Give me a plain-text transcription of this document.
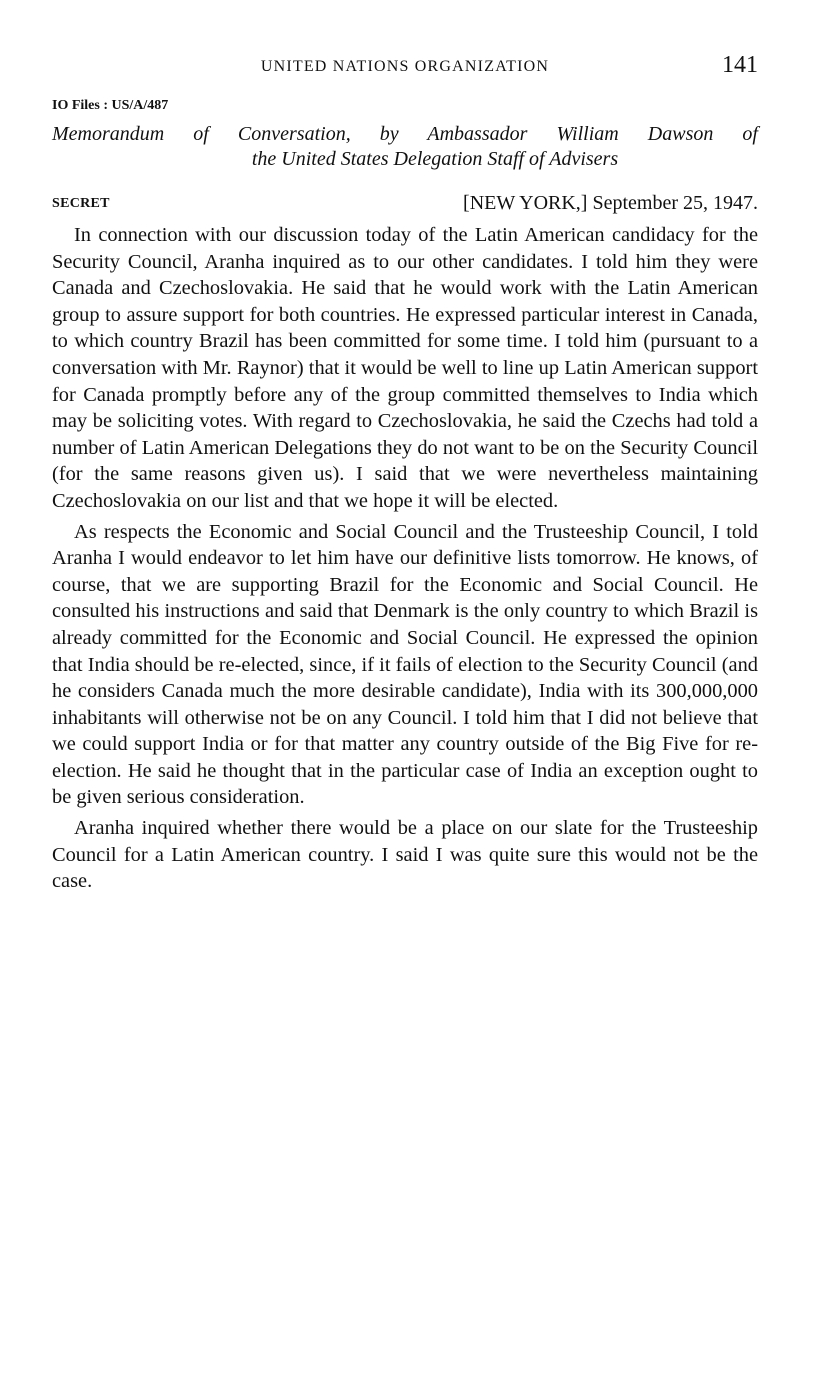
UNITED NATIONS ORGANIZATION	141
IO Files : US/A/487
Memorandum of Conversation, by Ambassador William Dawson of
the United States Delegation Staff of Advisers
SECRET	[NEW YORK,] September 25, 1947.

In connection with our discussion today of the Latin American candidacy for the Security Council, Aranha inquired as to our other candidates. I told him they were Canada and Czechoslovakia. He said that he would work with the Latin American group to assure support for both countries. He expressed particular interest in Canada, to which country Brazil has been committed for some time. I told him (pursuant to a conversation with Mr. Raynor) that it would be well to line up Latin American support for Canada promptly before any of the group committed themselves to India which may be soliciting votes. With regard to Czechoslovakia, he said the Czechs had told a number of Latin American Delegations they do not want to be on the Security Council (for the same reasons given us). I said that we were nevertheless maintaining Czechoslovakia on our list and that we hope it will be elected.

As respects the Economic and Social Council and the Trusteeship Council, I told Aranha I would endeavor to let him have our definitive lists tomorrow. He knows, of course, that we are supporting Brazil for the Economic and Social Council. He consulted his instructions and said that Denmark is the only country to which Brazil is already committed for the Economic and Social Council. He expressed the opinion that India should be re-elected, since, if it fails of election to the Security Council (and he considers Canada much the more desirable candidate), India with its 300,000,000 inhabitants will otherwise not be on any Council. I told him that I did not believe that we could support India or for that matter any country outside of the Big Five for re-election. He said he thought that in the particular case of India an exception ought to be given serious consideration.

Aranha inquired whether there would be a place on our slate for the Trusteeship Council for a Latin American country. I said I was quite sure this would not be the case.
